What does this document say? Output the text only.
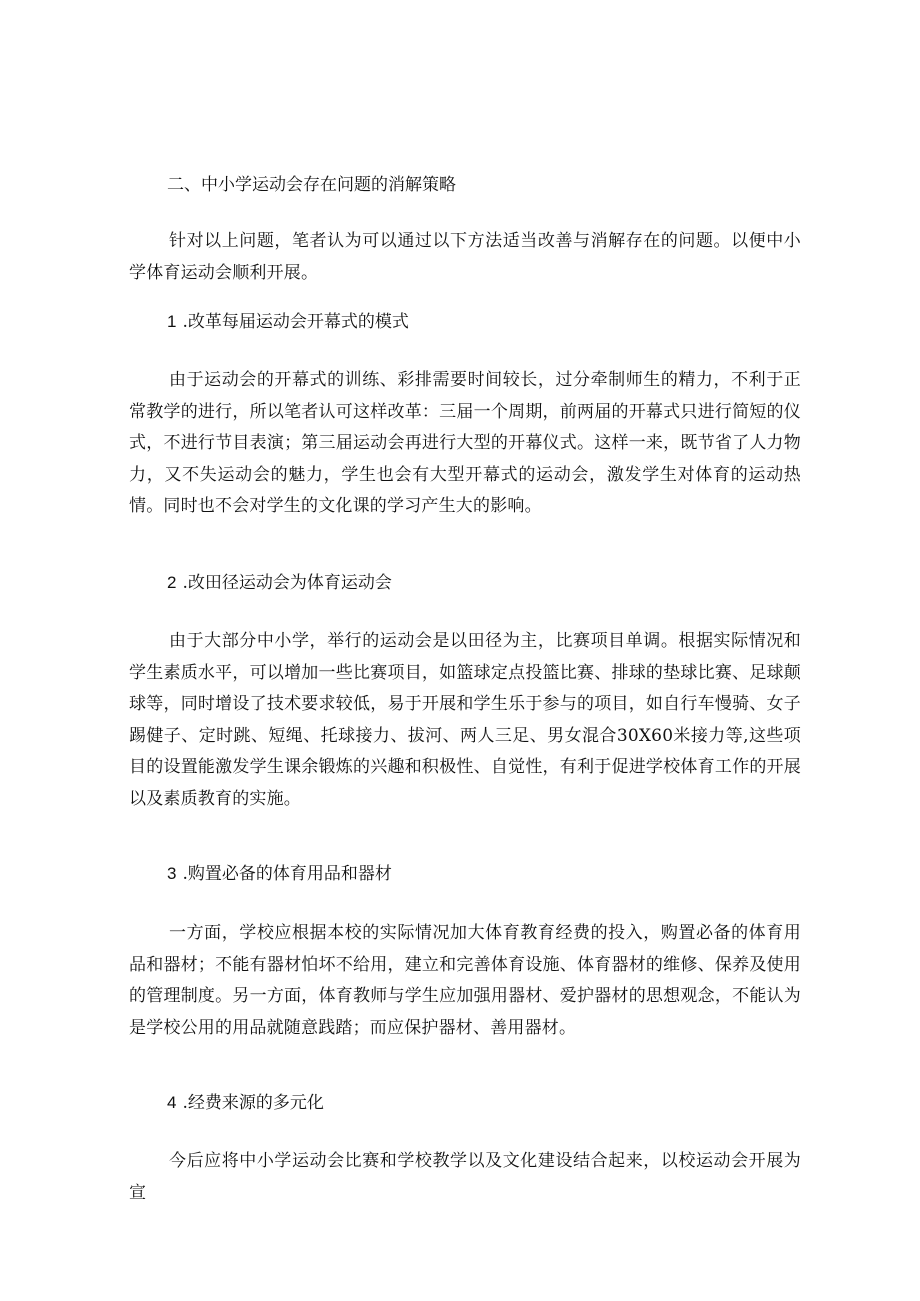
二、中小学运动会存在问题的消解策略
针对以上问题，笔者认为可以通过以下方法适当改善与消解存在的问题。以便中小学体育运动会顺利开展。
1 .改革每届运动会开幕式的模式
由于运动会的开幕式的训练、彩排需要时间较长，过分牵制师生的精力，不利于正常教学的进行，所以笔者认可这样改革：三届一个周期，前两届的开幕式只进行简短的仪式，不进行节目表演；第三届运动会再进行大型的开幕仪式。这样一来，既节省了人力物力，又不失运动会的魅力，学生也会有大型开幕式的运动会，激发学生对体育的运动热情。同时也不会对学生的文化课的学习产生大的影响。
2 .改田径运动会为体育运动会
由于大部分中小学，举行的运动会是以田径为主，比赛项目单调。根据实际情况和学生素质水平，可以增加一些比赛项目，如篮球定点投篮比赛、排球的垫球比赛、足球颠球等，同时增设了技术要求较低，易于开展和学生乐于参与的项目，如自行车慢骑、女子踢健子、定时跳、短绳、托球接力、拔河、两人三足、男女混合30X60米接力等,这些项目的设置能激发学生课余锻炼的兴趣和积极性、自觉性，有利于促进学校体育工作的开展以及素质教育的实施。
3 .购置必备的体育用品和器材
一方面，学校应根据本校的实际情况加大体育教育经费的投入，购置必备的体育用品和器材；不能有器材怕坏不给用，建立和完善体育设施、体育器材的维修、保养及使用的管理制度。另一方面，体育教师与学生应加强用器材、爱护器材的思想观念，不能认为是学校公用的用品就随意践踏；而应保护器材、善用器材。
4 .经费来源的多元化
今后应将中小学运动会比赛和学校教学以及文化建设结合起来，以校运动会开展为宣
